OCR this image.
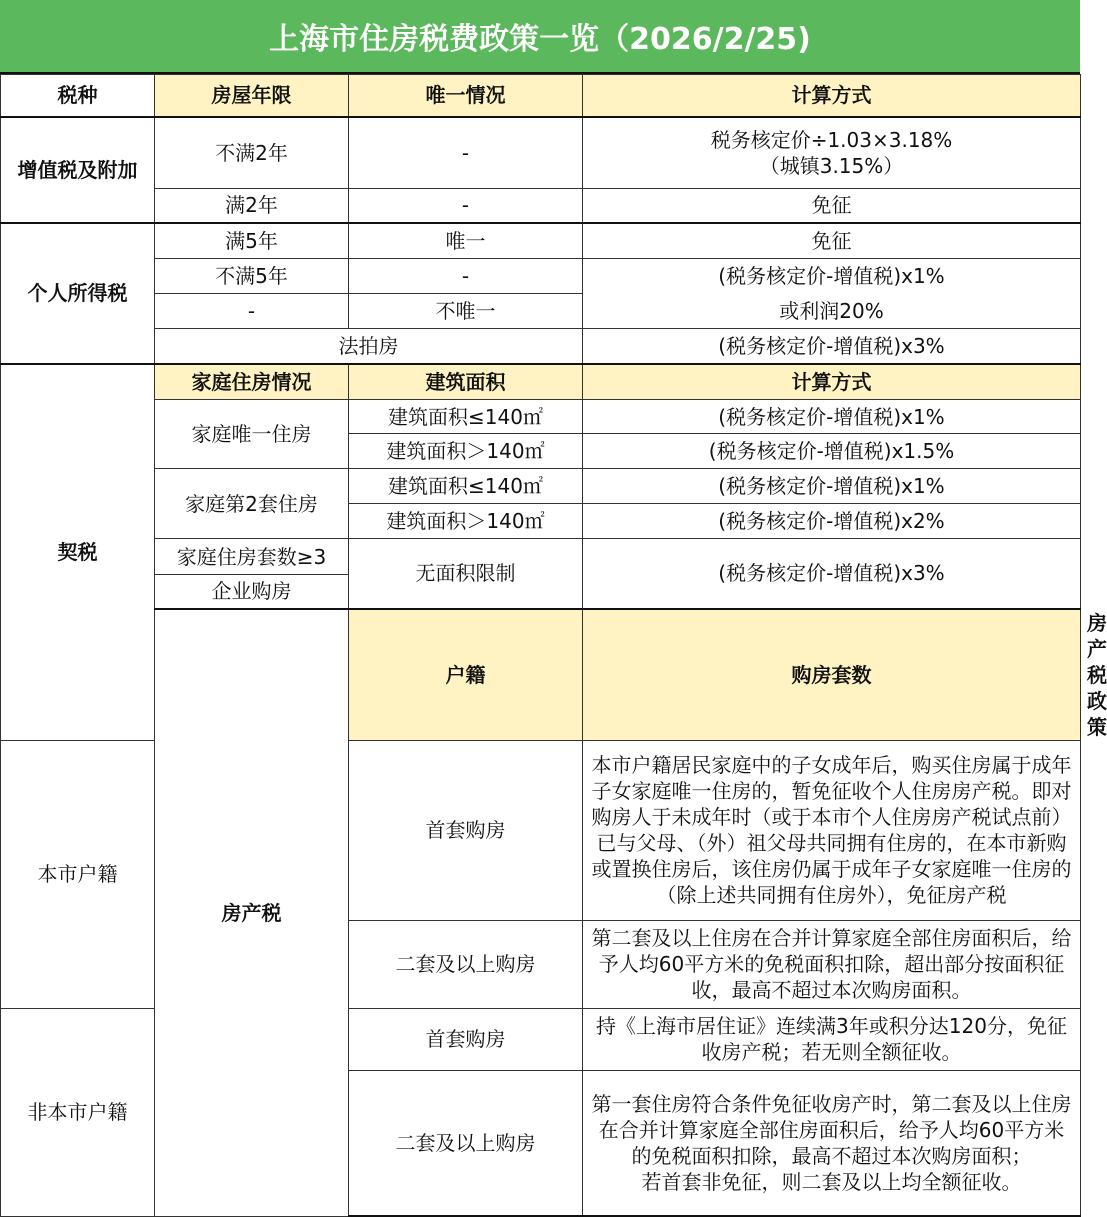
上海市住房税费政策一览（2026/2/25)
税种	房屋年限	唯一情况	计算方式	
增值税及附加	不满2年	-	税务核定价÷1.03×3.18%
（城镇3.15%）	
	满2年	-	免征	
个人所得税	满5年	唯一	免征	
	不满5年	-	(税务核定价-增值税)x1%	
	-	不唯一	或利润20%	
	法拍房		(税务核定价-增值税)x3%	
契税	家庭住房情况	建筑面积	计算方式	
	家庭唯一住房	建筑面积≤140㎡	(税务核定价-增值税)x1%	
		建筑面积＞140㎡	(税务核定价-增值税)x1.5%	
	家庭第2套住房	建筑面积≤140㎡	(税务核定价-增值税)x1%	
		建筑面积＞140㎡	(税务核定价-增值税)x2%	
	家庭住房套数≥3	无面积限制	(税务核定价-增值税)x3%	
	企业购房			
	房产税	户籍	购房套数	房产税政策
本市户籍		首套购房	本市户籍居民家庭中的子女成年后，购买住房属于成年子女家庭唯一住房的，暂免征收个人住房房产税。即对购房人于未成年时（或于本市个人住房房产税试点前）已与父母、（外）祖父母共同拥有住房的，在本市新购或置换住房后，该住房仍属于成年子女家庭唯一住房的（除上述共同拥有住房外），免征房产税	
		二套及以上购房	第二套及以上住房在合并计算家庭全部住房面积后，给予人均60平方米的免税面积扣除，超出部分按面积征收，最高不超过本次购房面积。	
非本市户籍		首套购房	持《上海市居住证》连续满3年或积分达120分，免征收房产税；若无则全额征收。	
		二套及以上购房	第一套住房符合条件免征收房产时，第二套及以上住房在合并计算家庭全部住房面积后，给予人均60平方米的免税面积扣除，最高不超过本次购房面积；
若首套非免征，则二套及以上均全额征收。	
